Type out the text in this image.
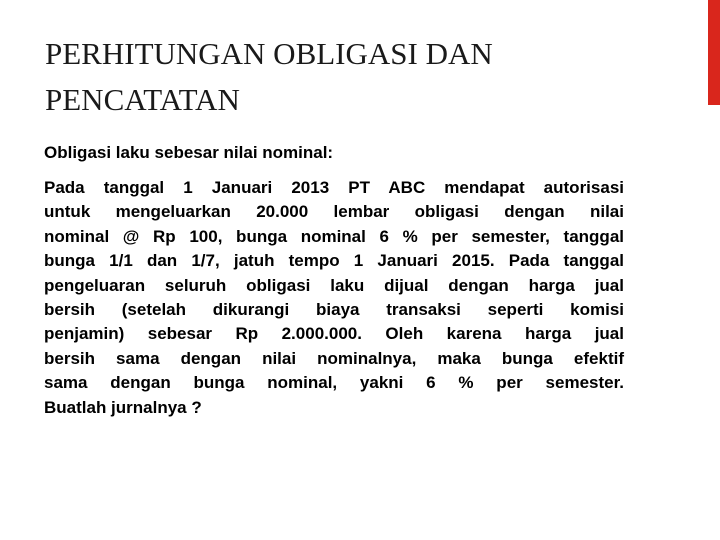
PERHITUNGAN OBLIGASI DAN
PENCATATAN

Obligasi laku sebesar nilai nominal:

Pada tanggal 1 Januari 2013 PT ABC mendapat autorisasi
untuk mengeluarkan 20.000 lembar obligasi dengan nilai
nominal @ Rp 100, bunga nominal 6 % per semester, tanggal
bunga 1/1 dan 1/7, jatuh tempo 1 Januari 2015. Pada tanggal
pengeluaran seluruh obligasi laku dijual dengan harga jual
bersih (setelah dikurangi biaya transaksi seperti komisi
penjamin) sebesar Rp 2.000.000. Oleh karena harga jual
bersih sama dengan nilai nominalnya, maka bunga efektif
sama dengan bunga nominal, yakni 6 % per semester.
Buatlah jurnalnya ?
